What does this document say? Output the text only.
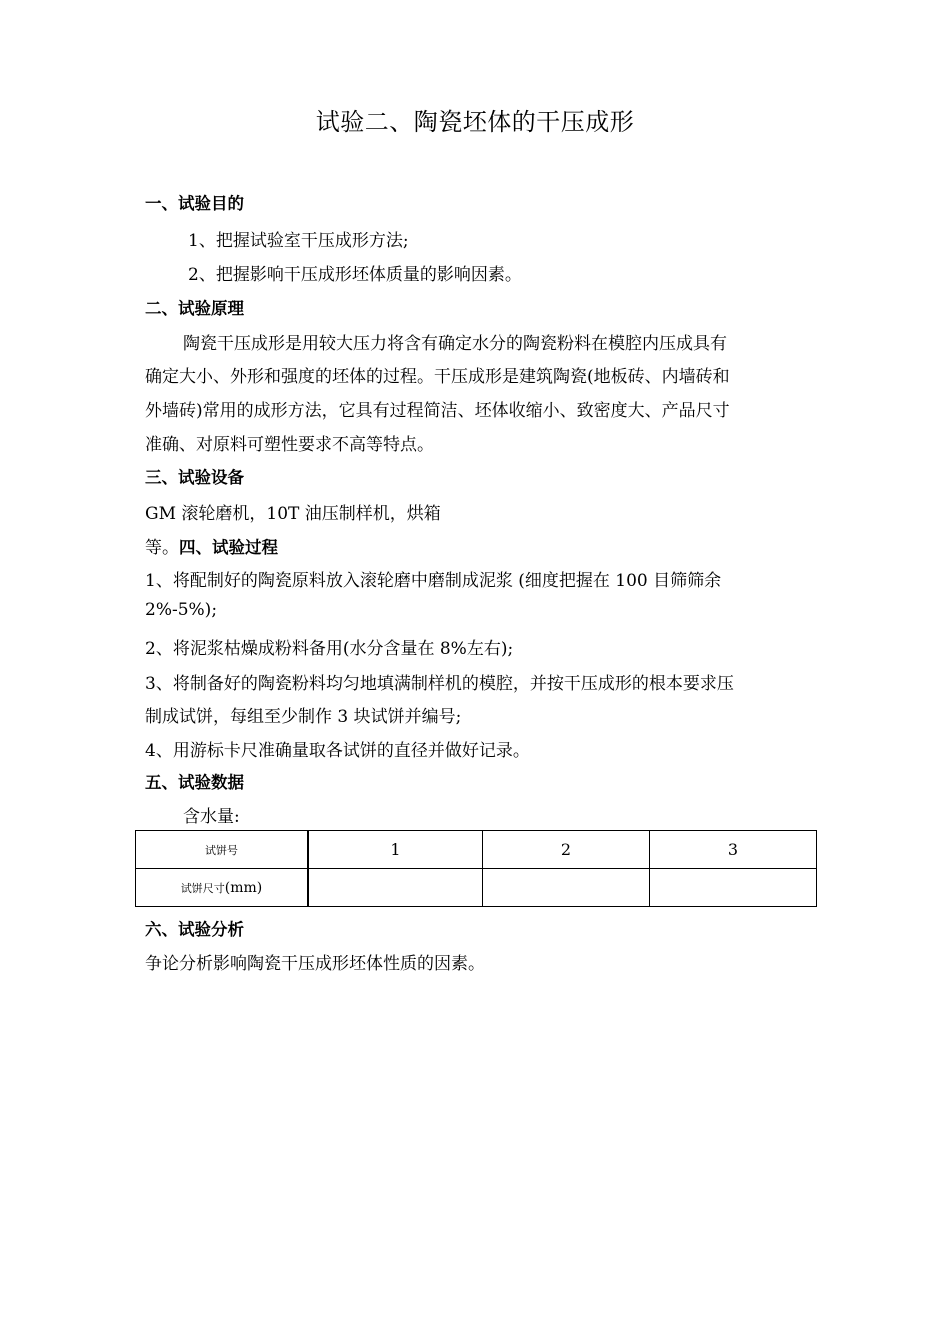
试验二、陶瓷坯体的干压成形
一、试验目的
1、把握试验室干压成形方法;
2、把握影响干压成形坯体质量的影响因素。
二、试验原理
陶瓷干压成形是用较大压力将含有确定水分的陶瓷粉料在模腔内压成具有
确定大小、外形和强度的坯体的过程。干压成形是建筑陶瓷(地板砖、内墙砖和
外墙砖)常用的成形方法，它具有过程简洁、坯体收缩小、致密度大、产品尺寸
准确、对原料可塑性要求不高等特点。
三、试验设备
GM 滚轮磨机，10T 油压制样机，烘箱
等。四、试验过程
1、将配制好的陶瓷原料放入滚轮磨中磨制成泥浆 (细度把握在 100 目筛筛余
2%-5%);
2、将泥浆枯燥成粉料备用(水分含量在 8%左右);
3、将制备好的陶瓷粉料均匀地填满制样机的模腔，并按干压成形的根本要求压
制成试饼，每组至少制作 3 块试饼并编号;
4、用游标卡尺准确量取各试饼的直径并做好记录。
五、试验数据
含水量:
试饼号	1	2	3
试饼尺寸(mm)			
六、试验分析
争论分析影响陶瓷干压成形坯体性质的因素。
